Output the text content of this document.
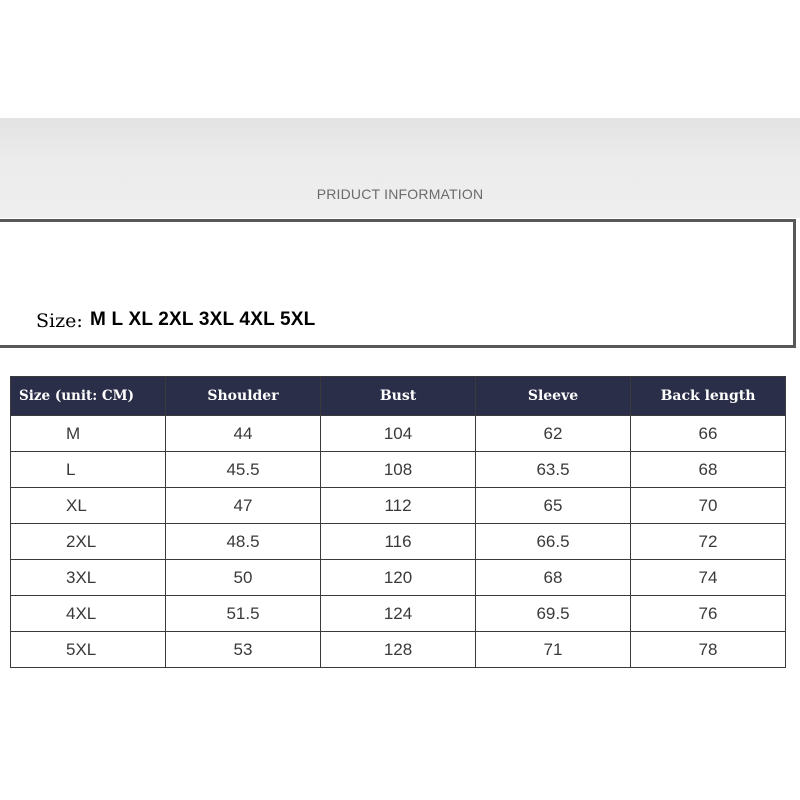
PRIDUCT INFORMATION
Size: M L XL 2XL 3XL 4XL 5XL
Size (unit: CM)	Shoulder	Bust	Sleeve	Back length
M	44	104	62	66
L	45.5	108	63.5	68
XL	47	112	65	70
2XL	48.5	116	66.5	72
3XL	50	120	68	74
4XL	51.5	124	69.5	76
5XL	53	128	71	78
